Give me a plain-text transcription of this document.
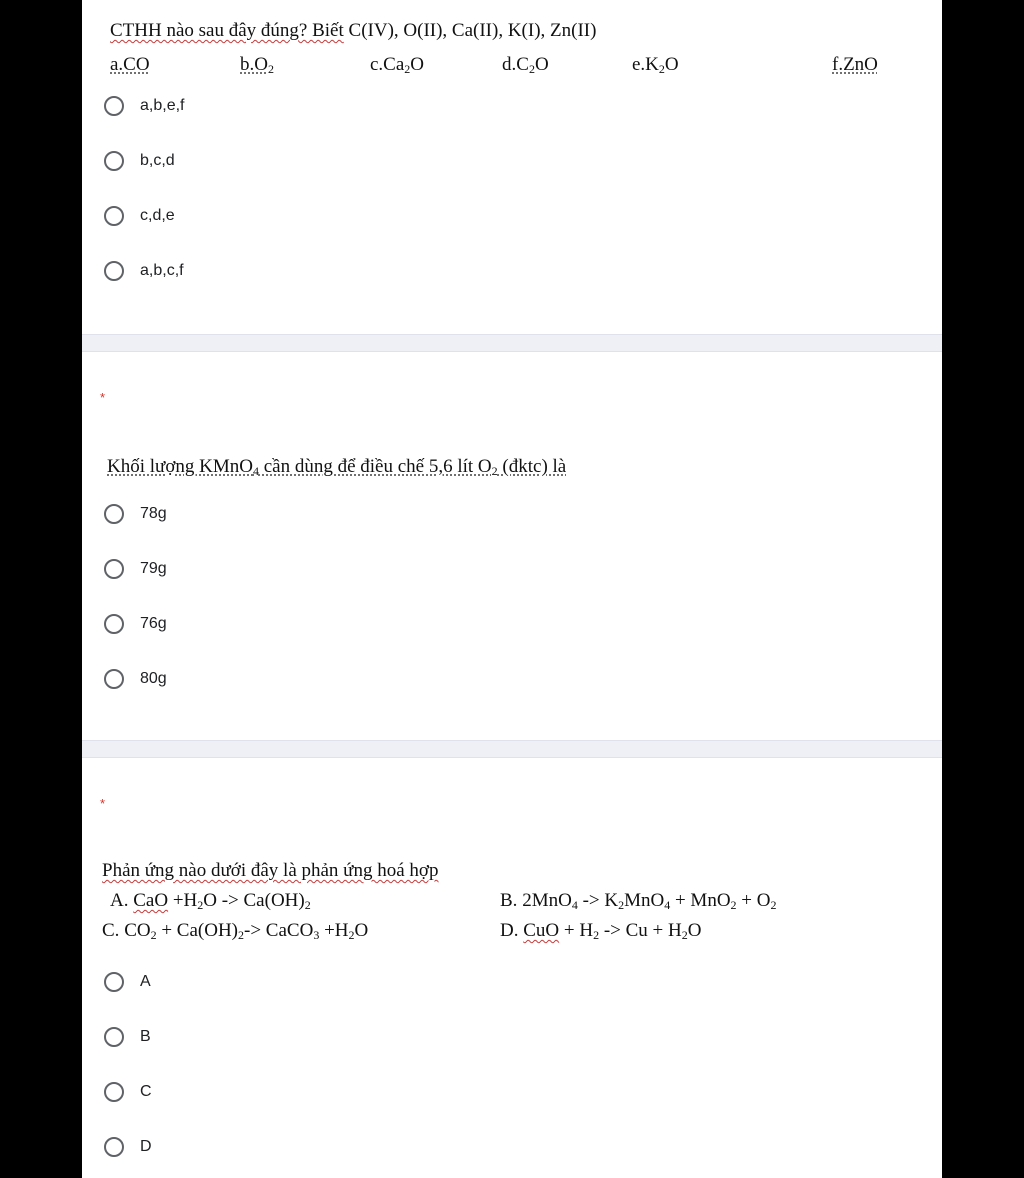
CTHH nào sau đây đúng? Biết C(IV), O(II), Ca(II), K(I), Zn(II)
a.CO	$b.O_2$	$c.Ca_2O$	$d.C_2O$	$e.K_2O$	f.ZnO
a,b,e,f
b,c,d
c,d,e
a,b,c,f
*
Khối lượng KMnO$_4$ cần dùng để điều chế 5,6 lít $O_2$ (đktc) là
78g
79g
76g
80g
*
Phản ứng nào dưới đây là phản ứng hoá hợp
A. CaO $+H_2O -> Ca(OH)_2$	B. $2MnO_4 -> K_2MnO_4 + MnO_2 + O_2$
C. $CO_2 + Ca(OH)_2->$ CaCO$_3$ $+H_2O$	D. CuO + $H_2 -> Cu + H_2O$
A
B
C
D
